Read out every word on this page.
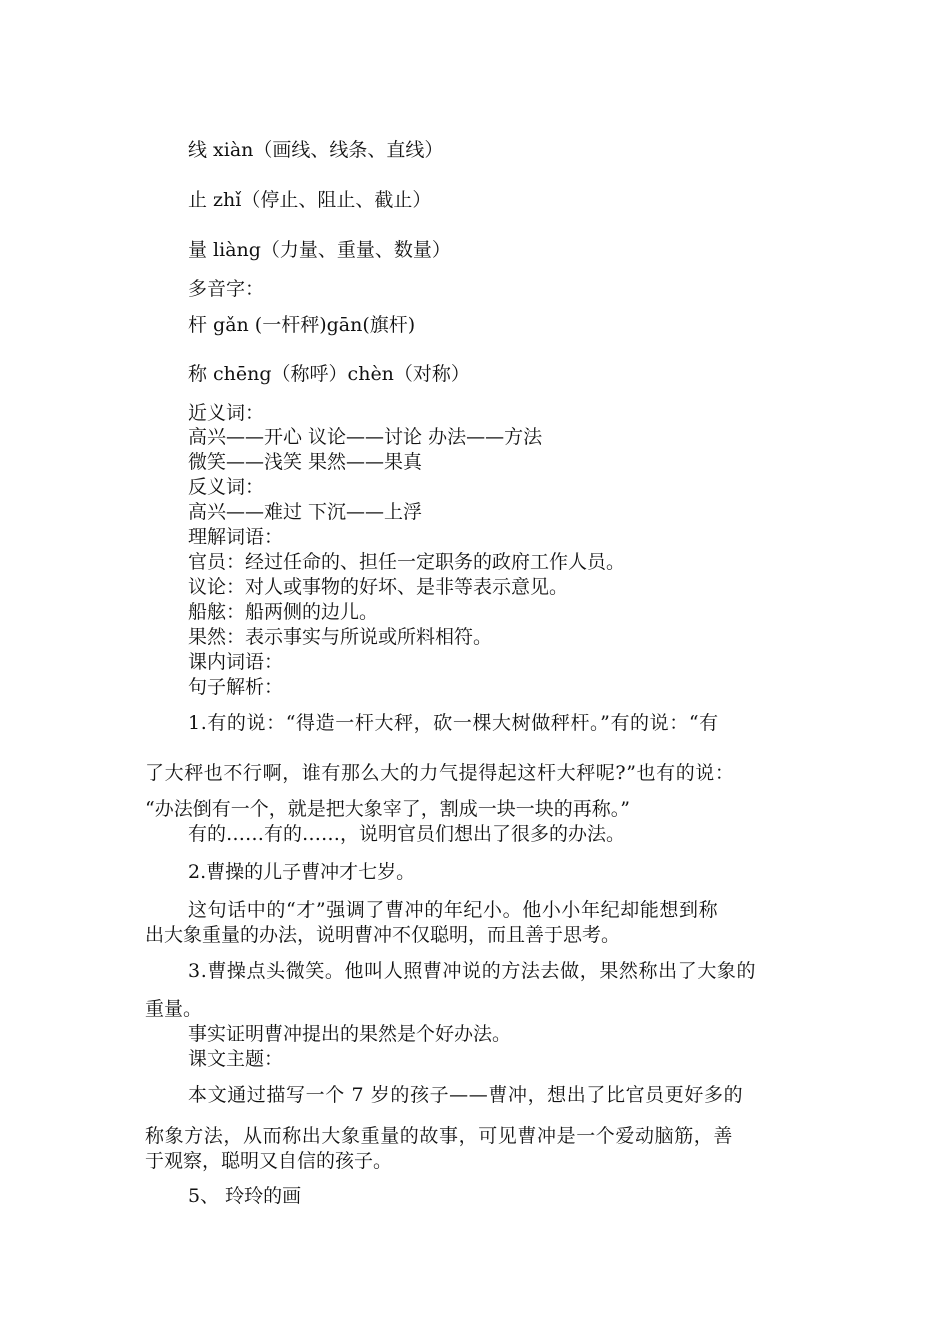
线 xiàn（画线、线条、直线）

止 zhǐ（停止、阻止、截止）

量 liàng（力量、重量、数量）

多音字：

杆 gǎn (一杆秤)gān(旗杆)

称 chēng（称呼）chèn（对称）

近义词：

高兴——开心 议论——讨论 办法——方法

微笑——浅笑 果然——果真

反义词：

高兴——难过 下沉——上浮

理解词语：

官员：经过任命的、担任一定职务的政府工作人员。

议论：对人或事物的好坏、是非等表示意见。

船舷：船两侧的边儿。

果然：表示事实与所说或所料相符。

课内词语：

句子解析：

1.有的说：“得造一杆大秤，砍一棵大树做秤杆。”有的说：“有

了大秤也不行啊，谁有那么大的力气提得起这杆大秤呢?”也有的说：

“办法倒有一个，就是把大象宰了，割成一块一块的再称。”

有的……有的……，说明官员们想出了很多的办法。

2.曹操的儿子曹冲才七岁。

这句话中的“才”强调了曹冲的年纪小。他小小年纪却能想到称

出大象重量的办法，说明曹冲不仅聪明，而且善于思考。

3.曹操点头微笑。他叫人照曹冲说的方法去做，果然称出了大象的

重量。

事实证明曹冲提出的果然是个好办法。

课文主题：

本文通过描写一个 7 岁的孩子——曹冲，想出了比官员更好多的

称象方法，从而称出大象重量的故事，可见曹冲是一个爱动脑筋，善

于观察，聪明又自信的孩子。

5、 玲玲的画
